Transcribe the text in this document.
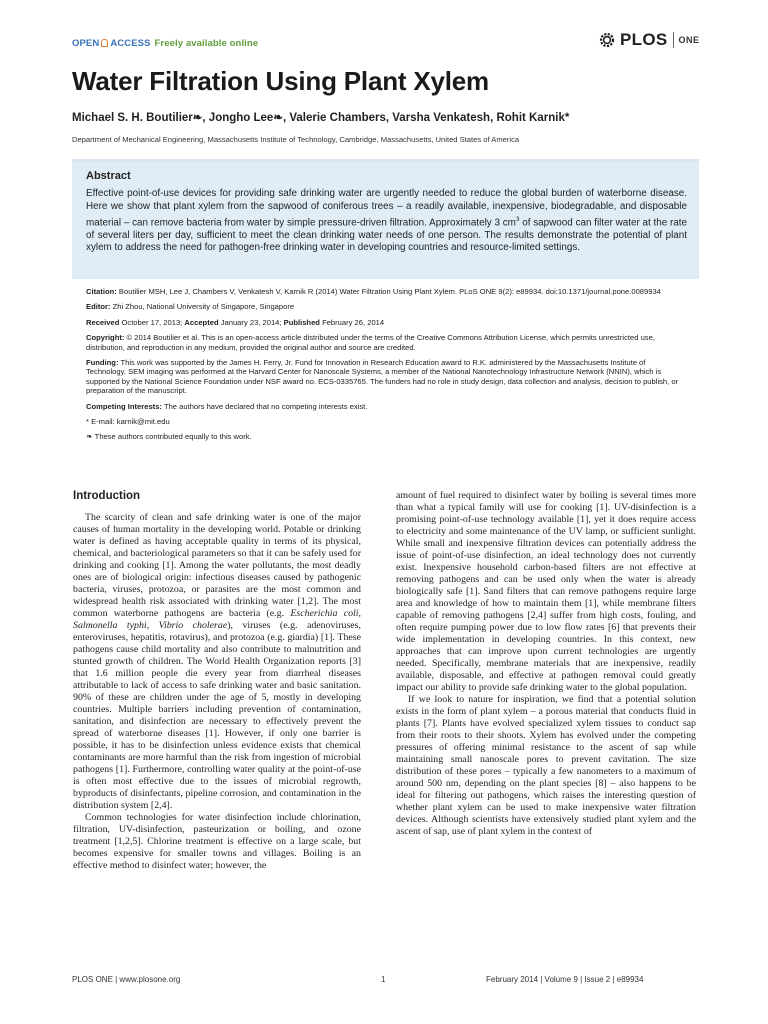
OPEN ACCESS Freely available online	PLOS ONE
Water Filtration Using Plant Xylem
Michael S. H. Boutilier❧, Jongho Lee❧, Valerie Chambers, Varsha Venkatesh, Rohit Karnik*
Department of Mechanical Engineering, Massachusetts Institute of Technology, Cambridge, Massachusetts, United States of America
Abstract

Effective point-of-use devices for providing safe drinking water are urgently needed to reduce the global burden of waterborne disease. Here we show that plant xylem from the sapwood of coniferous trees – a readily available, inexpensive, biodegradable, and disposable material – can remove bacteria from water by simple pressure-driven filtration. Approximately 3 $cm^3$ of sapwood can filter water at the rate of several liters per day, sufficient to meet the clean drinking water needs of one person. The results demonstrate the potential of plant xylem to address the need for pathogen-free drinking water in developing countries and resource-limited settings.

Citation: Boutilier MSH, Lee J, Chambers V, Venkatesh V, Karnik R (2014) Water Filtration Using Plant Xylem. PLoS ONE 9(2): e89934. doi:10.1371/journal.pone.0089934

Editor: Zhi Zhou, National University of Singapore, Singapore

Received October 17, 2013; Accepted January 23, 2014; Published February 26, 2014

Copyright: © 2014 Boutilier et al. This is an open-access article distributed under the terms of the Creative Commons Attribution License, which permits unrestricted use, distribution, and reproduction in any medium, provided the original author and source are credited.

Funding: This work was supported by the James H. Ferry, Jr. Fund for Innovation in Research Education award to R.K. administered by the Massachusetts Institute of Technology. SEM imaging was performed at the Harvard Center for Nanoscale Systems, a member of the National Nanotechnology Infrastructure Network (NNIN), which is supported by the National Science Foundation under NSF award no. ECS-0335765. The funders had no role in study design, data collection and analysis, decision to publish, or preparation of the manuscript.

Competing Interests: The authors have declared that no competing interests exist.

* E-mail: karnik@mit.edu

❧ These authors contributed equally to this work.

Introduction

The scarcity of clean and safe drinking water is one of the major causes of human mortality in the developing world. Potable or drinking water is defined as having acceptable quality in terms of its physical, chemical, and bacteriological parameters so that it can be safely used for drinking and cooking [1]. Among the water pollutants, the most deadly ones are of biological origin: infectious diseases caused by pathogenic bacteria, viruses, protozoa, or parasites are the most common and widespread health risk associated with drinking water [1,2]. The most common waterborne pathogens are bacteria (e.g. Escherichia coli, Salmonella typhi, Vibrio cholerae), viruses (e.g. adenoviruses, enteroviruses, hepatitis, rotavirus), and protozoa (e.g. giardia) [1]. These pathogens cause child mortality and also contribute to malnutrition and stunted growth of children. The World Health Organization reports [3] that 1.6 million people die every year from diarrheal diseases attributable to lack of access to safe drinking water and basic sanitation. 90% of these are children under the age of 5, mostly in developing countries. Multiple barriers including prevention of contamination, sanitation, and disinfection are necessary to effectively prevent the spread of waterborne diseases [1]. However, if only one barrier is possible, it has to be disinfection unless evidence exists that chemical contaminants are more harmful than the risk from ingestion of microbial pathogens [1]. Furthermore, controlling water quality at the point-of-use is often most effective due to the issues of microbial regrowth, byproducts of disinfectants, pipeline corrosion, and contamination in the distribution system [2,4].

Common technologies for water disinfection include chlorination, filtration, UV-disinfection, pasteurization or boiling, and ozone treatment [1,2,5]. Chlorine treatment is effective on a large scale, but becomes expensive for smaller towns and villages. Boiling is an effective method to disinfect water; however, the

amount of fuel required to disinfect water by boiling is several times more than what a typical family will use for cooking [1]. UV-disinfection is a promising point-of-use technology available [1], yet it does require access to electricity and some maintenance of the UV lamp, or sufficient sunlight. While small and inexpensive filtration devices can potentially address the issue of point-of-use disinfection, an ideal technology does not currently exist. Inexpensive household carbon-based filters are not effective at removing pathogens and can be used only when the water is already biologically safe [1]. Sand filters that can remove pathogens require large area and knowledge of how to maintain them [1], while membrane filters capable of removing pathogens [2,4] suffer from high costs, fouling, and often require pumping power due to low flow rates [6] that prevents their wide implementation in developing countries. In this context, new approaches that can improve upon current technologies are urgently needed. Specifically, membrane materials that are inexpensive, readily available, disposable, and effective at pathogen removal could greatly impact our ability to provide safe drinking water to the global population.

If we look to nature for inspiration, we find that a potential solution exists in the form of plant xylem – a porous material that conducts fluid in plants [7]. Plants have evolved specialized xylem tissues to conduct sap from their roots to their shoots. Xylem has evolved under the competing pressures of offering minimal resistance to the ascent of sap while maintaining small nanoscale pores to prevent cavitation. The size distribution of these pores – typically a few nanometers to a maximum of around 500 nm, depending on the plant species [8] – also happens to be ideal for filtering out pathogens, which raises the interesting question of whether plant xylem can be used to make inexpensive water filtration devices. Although scientists have extensively studied plant xylem and the ascent of sap, use of plant xylem in the context of

PLOS ONE | www.plosone.org	1	February 2014 | Volume 9 | Issue 2 | e89934
